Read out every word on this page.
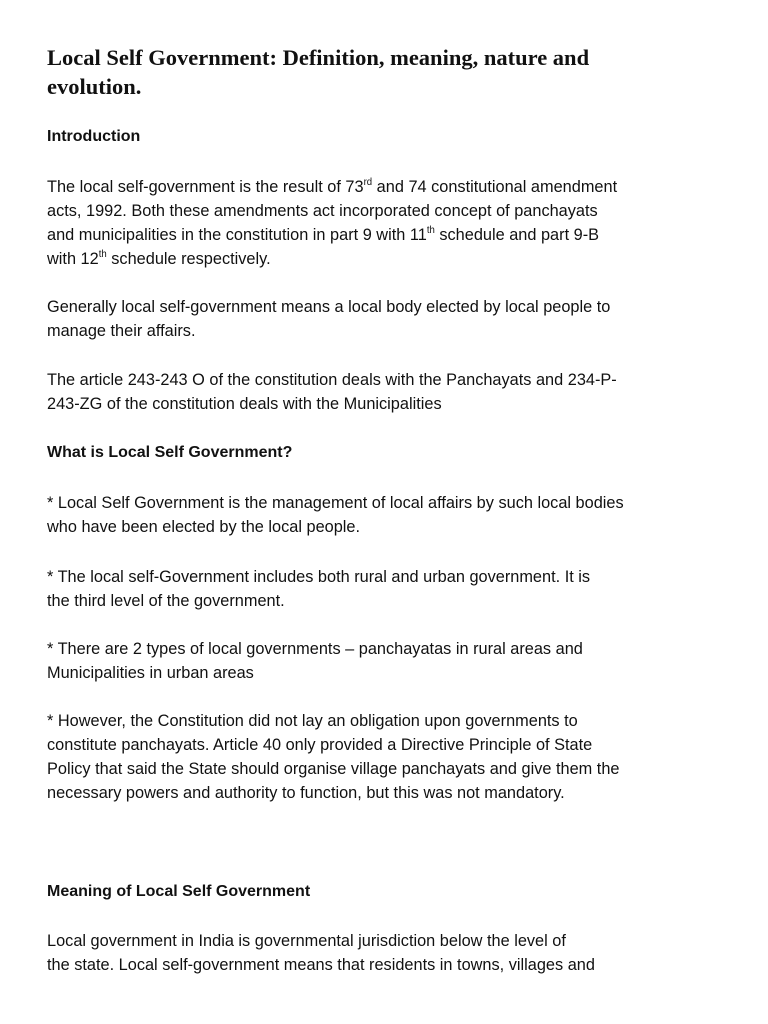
Local Self Government: Definition, meaning, nature and
evolution.
Introduction
What is Local Self Government?
Meaning of Local Self Government
The local self-government is the result of 73rd and 74 constitutional amendment
acts, 1992. Both these amendments act incorporated concept of panchayats
and municipalities in the constitution in part 9 with 11th schedule and part 9-B
with 12th schedule respectively.
Generally local self-government means a local body elected by local people to
manage their affairs.
The article 243-243 O of the constitution deals with the Panchayats and 234-P-
243-ZG of the constitution deals with the Municipalities
* Local Self Government is the management of local affairs by such local bodies
who have been elected by the local people.
* The local self-Government includes both rural and urban government. It is
the third level of the government.
* There are 2 types of local governments – panchayatas in rural areas and
Municipalities in urban areas
* However, the Constitution did not lay an obligation upon governments to
constitute panchayats. Article 40 only provided a Directive Principle of State
Policy that said the State should organise village panchayats and give them the
necessary powers and authority to function, but this was not mandatory.
Local government in India is governmental jurisdiction below the level of
the state. Local self-government means that residents in towns, villages and
